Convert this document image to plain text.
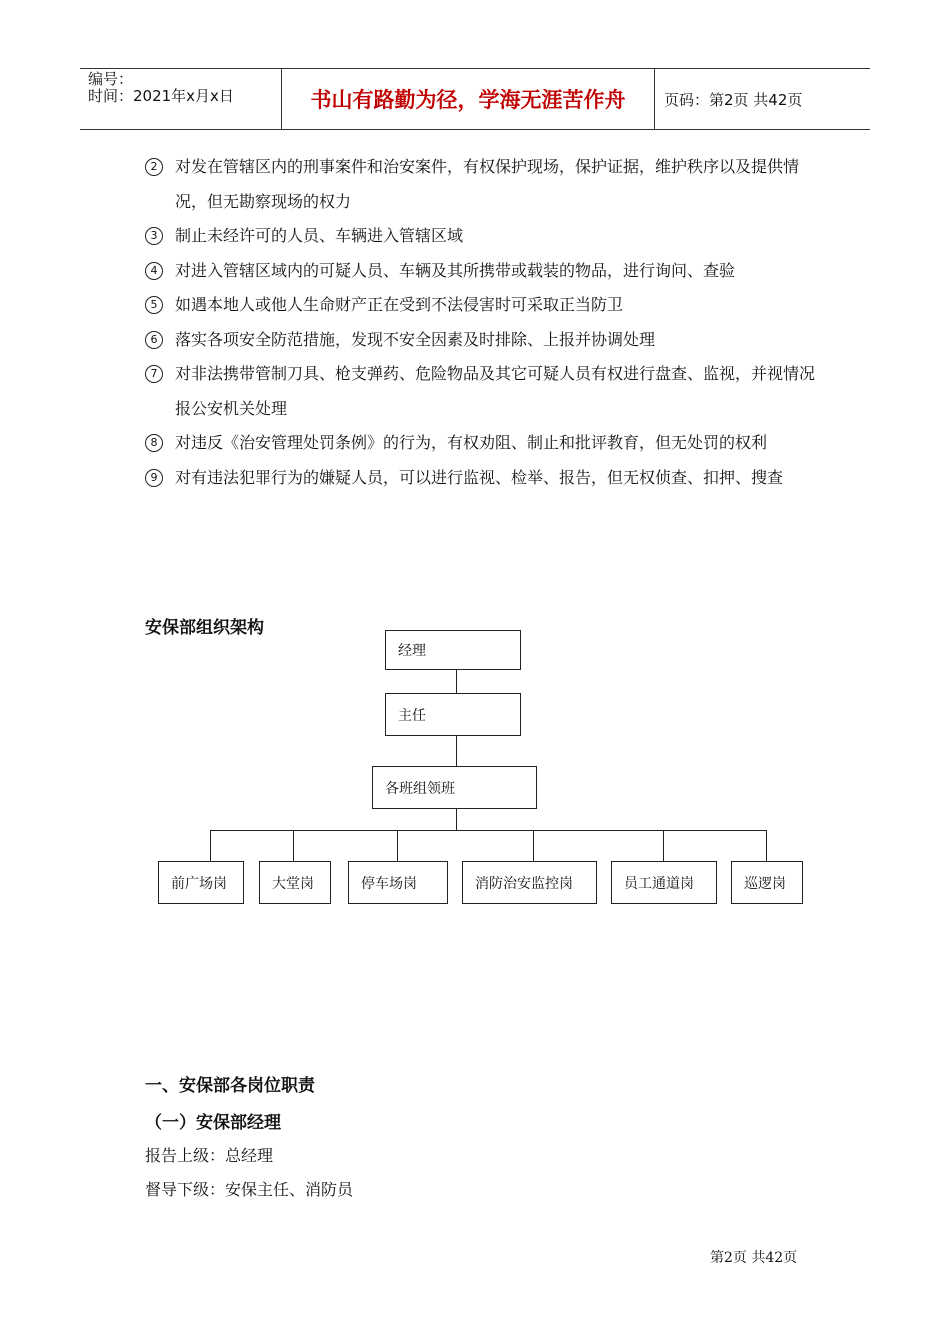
编号：
时间：2021年x月x日	书山有路勤为径，学海无涯苦作舟	页码：第2页 共42页
2	对发在管辖区内的刑事案件和治安案件，有权保护现场，保护证据，维护秩序以及提供情况，但无勘察现场的权力
3	制止未经许可的人员、车辆进入管辖区域
4	对进入管辖区域内的可疑人员、车辆及其所携带或载装的物品，进行询问、查验
5	如遇本地人或他人生命财产正在受到不法侵害时可采取正当防卫
6	落实各项安全防范措施，发现不安全因素及时排除、上报并协调处理
7	对非法携带管制刀具、枪支弹药、危险物品及其它可疑人员有权进行盘查、监视，并视情况报公安机关处理
8	对违反《治安管理处罚条例》的行为，有权劝阻、制止和批评教育，但无处罚的权利
9	对有违法犯罪行为的嫌疑人员，可以进行监视、检举、报告，但无权侦查、扣押、搜查
安保部组织架构
经理
主任
各班组领班
前广场岗	大堂岗	停车场岗	消防治安监控岗	员工通道岗	巡逻岗
一、安保部各岗位职责
（一）安保部经理
报告上级：总经理
督导下级：安保主任、消防员
第2页 共42页
